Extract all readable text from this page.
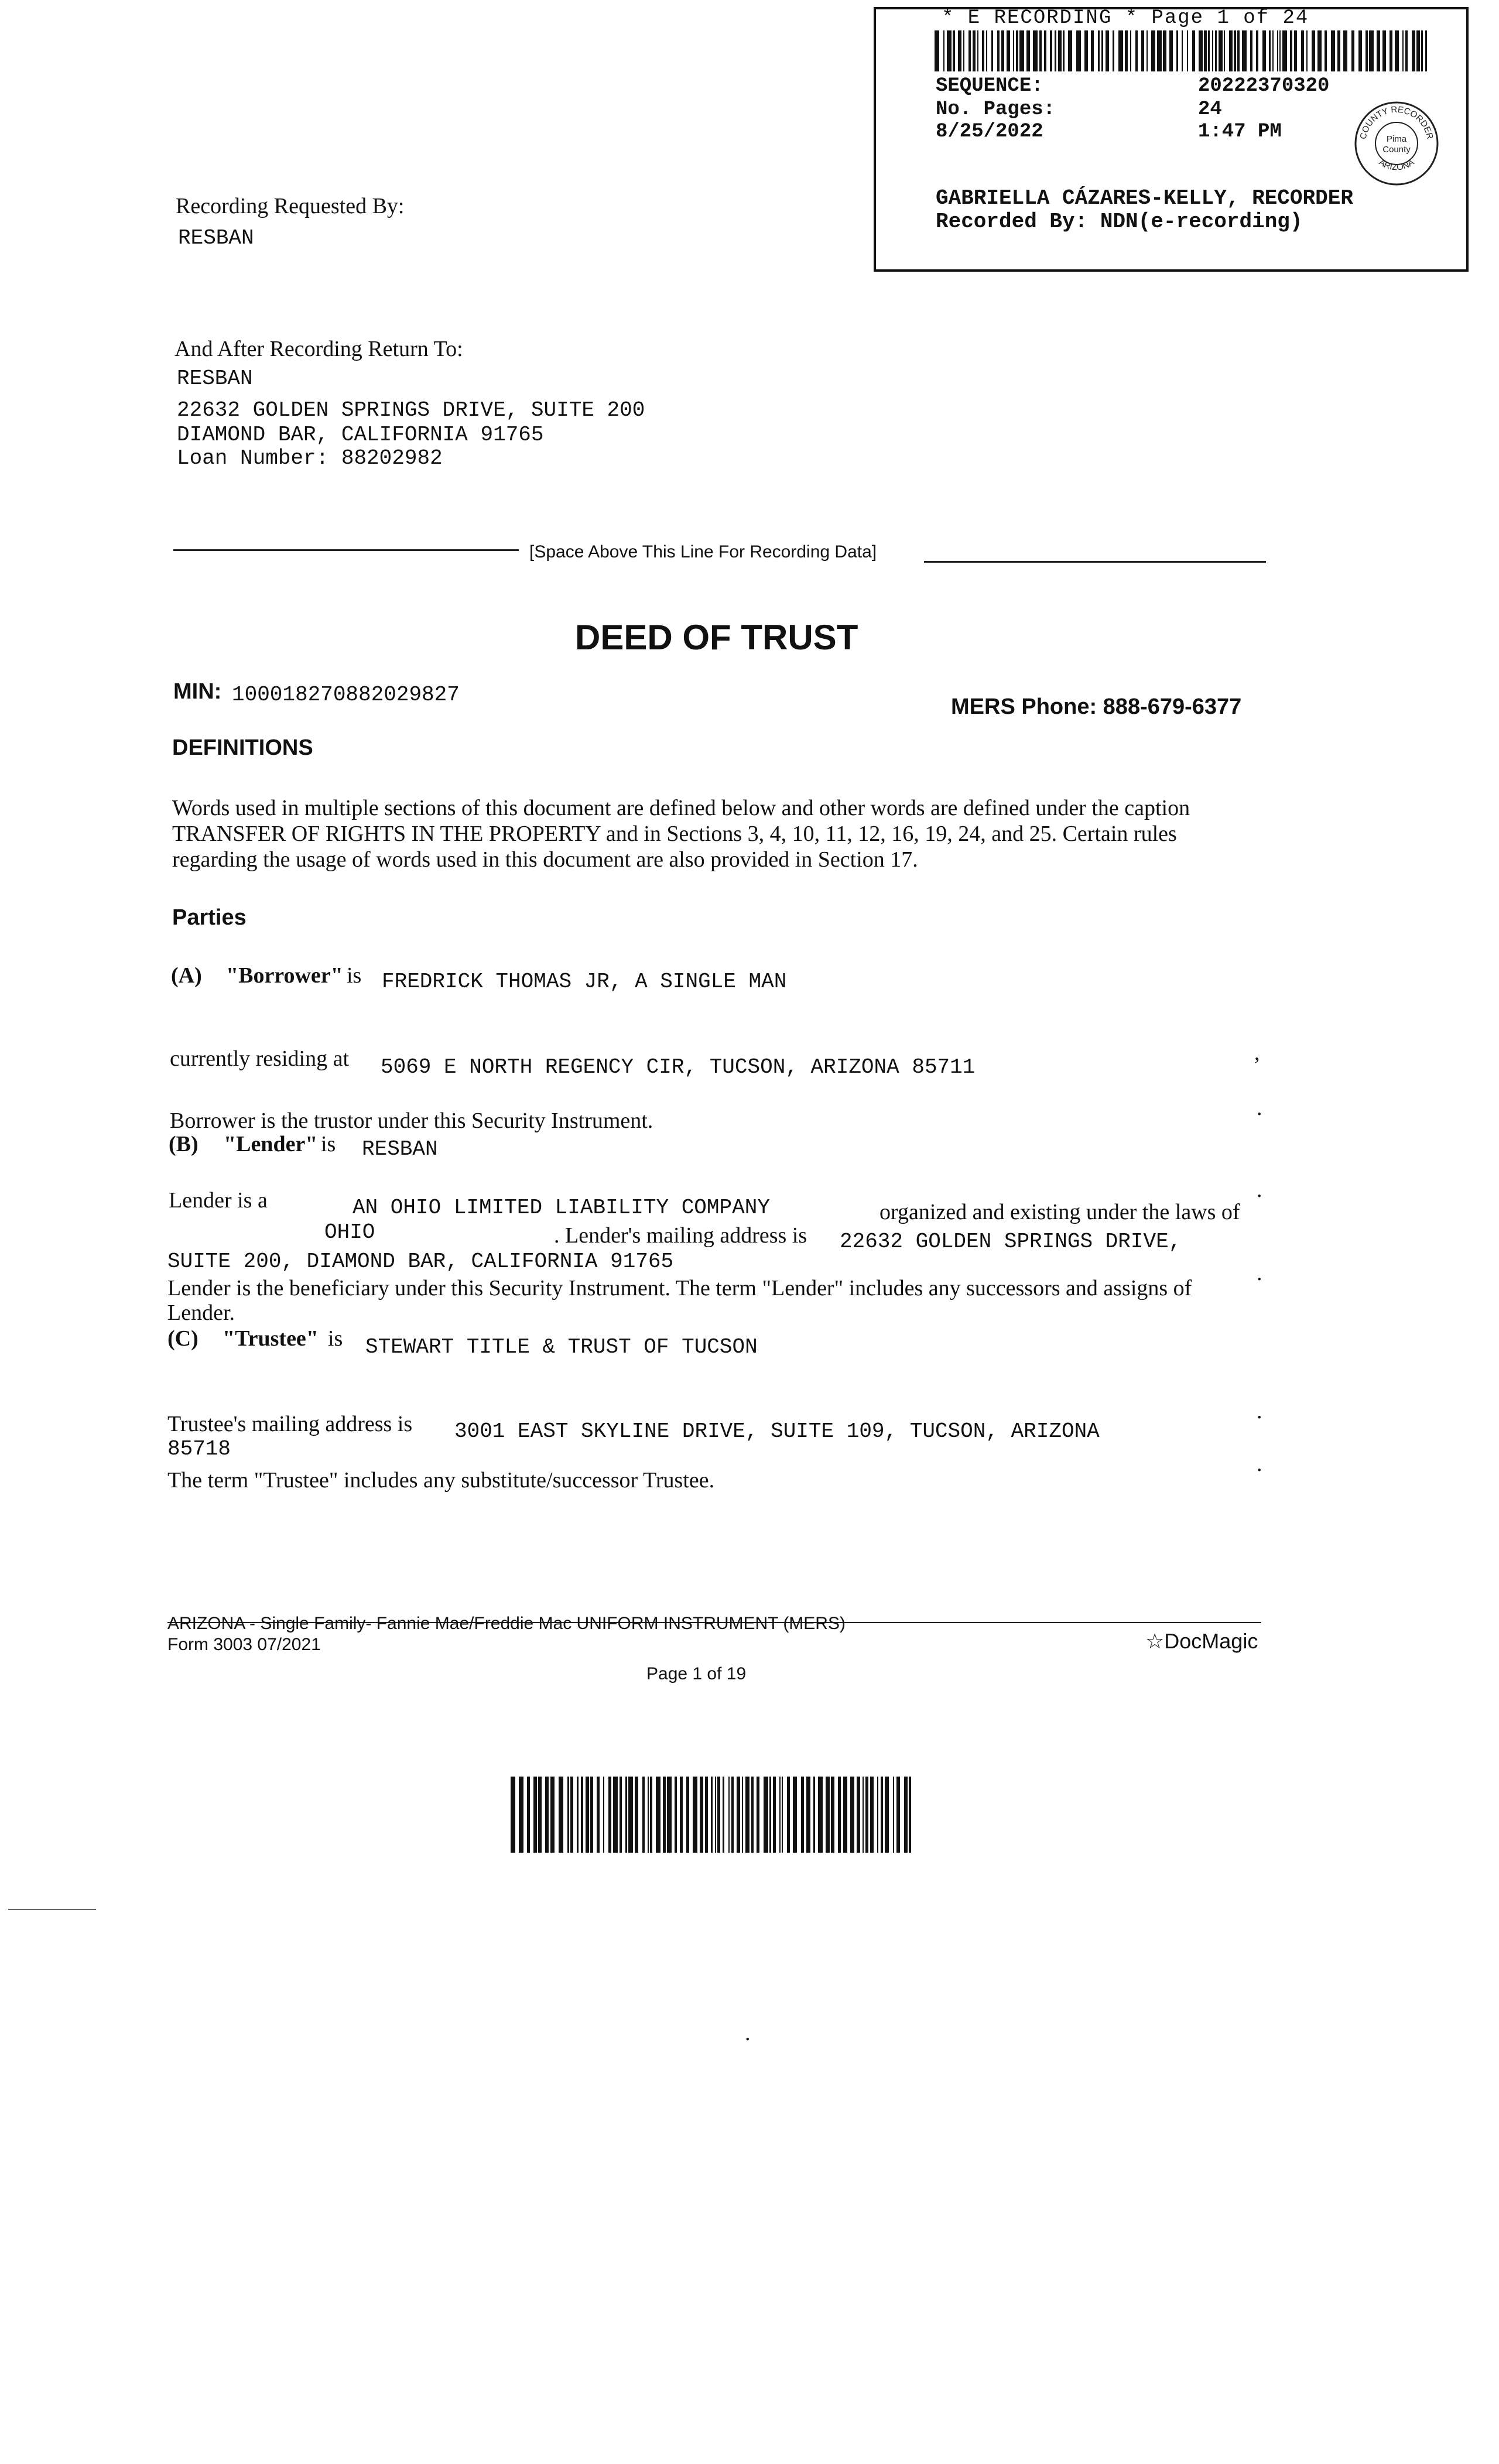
* E RECORDING * Page 1 of 24
SEQUENCE:	20222370320
No. Pages:	24
8/25/2022	1:47 PM	COUNTY RECORDER
ARIZONA
Pima
County
GABRIELLA CÁZARES-KELLY, RECORDER
Recorded By: NDN(e-recording)
Recording Requested By:
RESBAN
And After Recording Return To:
RESBAN
22632 GOLDEN SPRINGS DRIVE, SUITE 200
DIAMOND BAR, CALIFORNIA 91765
Loan Number: 88202982
[Space Above This Line For Recording Data]
DEED OF TRUST
MIN: 100018270882029827	MERS Phone: 888-679-6377
DEFINITIONS
Words used in multiple sections of this document are defined below and other words are defined under the caption
TRANSFER OF RIGHTS IN THE PROPERTY and in Sections 3, 4, 10, 11, 12, 16, 19, 24, and 25. Certain rules
regarding the usage of words used in this document are also provided in Section 17.
Parties
(A) "Borrower" is FREDRICK THOMAS JR, A SINGLE MAN
currently residing at 5069 E NORTH REGENCY CIR, TUCSON, ARIZONA 85711
,
Borrower is the trustor under this Security Instrument.
(B) "Lender" is RESBAN
Lender is a	AN OHIO LIMITED LIABILITY COMPANY	organized and existing under the laws of
OHIO	. Lender's mailing address is 22632 GOLDEN SPRINGS DRIVE,
SUITE 200, DIAMOND BAR, CALIFORNIA 91765
Lender is the beneficiary under this Security Instrument. The term "Lender" includes any successors and assigns of
Lender.
(C) "Trustee" is STEWART TITLE & TRUST OF TUCSON
Trustee's mailing address is 3001 EAST SKYLINE DRIVE, SUITE 109, TUCSON, ARIZONA
85718
The term "Trustee" includes any substitute/successor Trustee.
.
.
.
.
.
.
ARIZONA - Single Family- Fannie Mae/Freddie Mac UNIFORM INSTRUMENT (MERS)
Form 3003 07/2021	☆DocMagic
Page 1 of 19
